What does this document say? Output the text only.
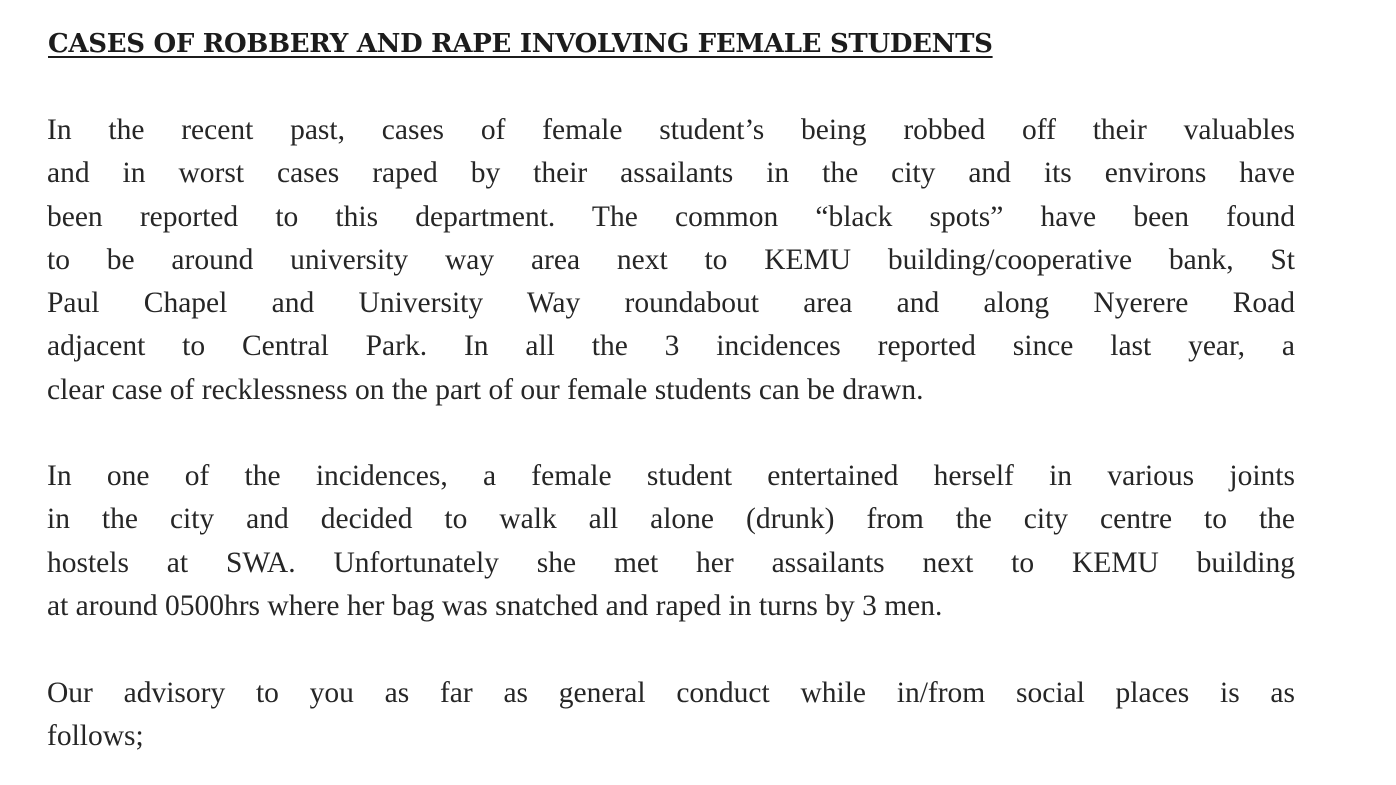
CASES OF ROBBERY AND RAPE INVOLVING FEMALE STUDENTS

In the recent past, cases of female student’s being robbed off their valuables
and in worst cases raped by their assailants in the city and its environs have
been reported to this department. The common “black spots” have been found
to be around university way area next to KEMU building/cooperative bank, St
Paul Chapel and University Way roundabout area and along Nyerere Road
adjacent to Central Park. In all the 3 incidences reported since last year, a
clear case of recklessness on the part of our female students can be drawn.

In one of the incidences, a female student entertained herself in various joints
in the city and decided to walk all alone (drunk) from the city centre to the
hostels at SWA. Unfortunately she met her assailants next to KEMU building
at around 0500hrs where her bag was snatched and raped in turns by 3 men.

Our advisory to you as far as general conduct while in/from social places is as
follows;
